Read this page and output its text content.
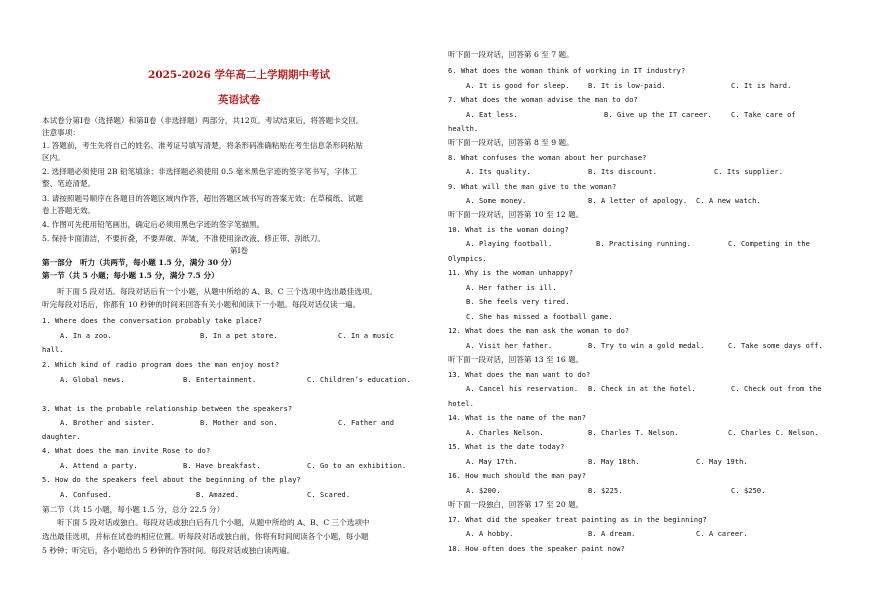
2025-2026 学年高二上学期期中考试
英语试卷
本试卷分第Ⅰ卷（选择题）和第Ⅱ卷（非选择题）两部分，共12页。考试结束后，将答题卡交回。
注意事项：
1. 答题前，考生先将自己的姓名、准考证号填写清楚，将条形码准确粘贴在考生信息条形码粘贴
区内。
2. 选择题必须使用 2B 铅笔填涂；非选择题必须使用 0.5 毫米黑色字迹的签字笔书写，字体工
整、笔迹清楚。
3. 请按照题号顺序在各题目的答题区域内作答，超出答题区域书写的答案无效；在草稿纸、试题
卷上答题无效。
4. 作图可先使用铅笔画出，确定后必须用黑色字迹的签字笔描黑。
5. 保持卡面清洁，不要折叠，不要弄破、弄皱，不准使用涂改液、修正带、刮纸刀。
第Ⅰ卷
第一部分　听力（共两节，每小题 1.5 分，满分 30 分）
第一节（共 5 小题；每小题 1.5 分，满分 7.5 分）
　　听下面 5 段对话。每段对话后有一个小题，从题中所给的 A、B、C 三个选项中选出最佳选项。
听完每段对话后，你都有 10 秒钟的时间来回答有关小题和阅读下一小题。每段对话仅读一遍。
1. Where does the conversation probably take place?
A. In a zoo.	B. In a pet store.	C. In a music
hall.
2. Which kind of radio program does the man enjoy most?
A. Global news.	B. Entertainment.	C. Children’s education.
3. What is the probable relationship between the speakers?
A. Brother and sister.	B. Mother and son.	C. Father and
daughter.
4. What does the man invite Rose to do?
A. Attend a party.	B. Have breakfast.	C. Go to an exhibition.
5. How do the speakers feel about the beginning of the play?
A. Confused.	B. Amazed.	C. Scared.
第二节（共 15 小题，每小题 1.5 分，总分 22.5 分）
　　听下面 5 段对话或独白。每段对话或独白后有几个小题，从题中所给的 A、B、C 三个选项中
选出最佳选项，并标在试卷的相应位置。听每段对话或独白前，你将有时间阅读各个小题，每小题
5 秒钟；听完后，各小题给出 5 秒钟的作答时间。每段对话或独白读两遍。
听下面一段对话，回答第 6 至 7 题。
6. What does the woman think of working in IT industry?
A. It is good for sleep.	B. It is low-paid.	C. It is hard.
7. What does the woman advise the man to do?
A. Eat less.	B. Give up the IT career.	C. Take care of
health.
听下面一段对话，回答第 8 至 9 题。
8. What confuses the woman about her purchase?
A. Its quality.	B. Its discount.	C. Its supplier.
9. What will the man give to the woman?
A. Some money.	B. A letter of apology. C. A new watch.
听下面一段对话，回答第 10 至 12 题。
10. What is the woman doing?
A. Playing football.	B. Practising running.	C. Competing in the
Olympics.
11. Why is the woman unhappy?
A. Her father is ill.
B. She feels very tired.
C. She has missed a football game.
12. What does the man ask the woman to do?
A. Visit her father.	B. Try to win a gold medal.	C. Take some days off.
听下面一段对话，回答第 13 至 16 题。
13. What does the man want to do?
A. Cancel his reservation. B. Check in at the hotel.	C. Check out from the
hotel.
14. What is the name of the man?
A. Charles Nelson.	B. Charles T. Nelson.	C. Charles C. Nelson.
15. What is the date today?
A. May 17th.	B. May 18th.	C. May 19th.
16. How much should the man pay?
A. $200.	B. $225.	C. $250.
听下面一段独白，回答第 17 至 20 题。
17. What did the speaker treat painting as in the beginning?
A. A hobby.	B. A dream.	C. A career.
18. How often does the speaker paint now?
